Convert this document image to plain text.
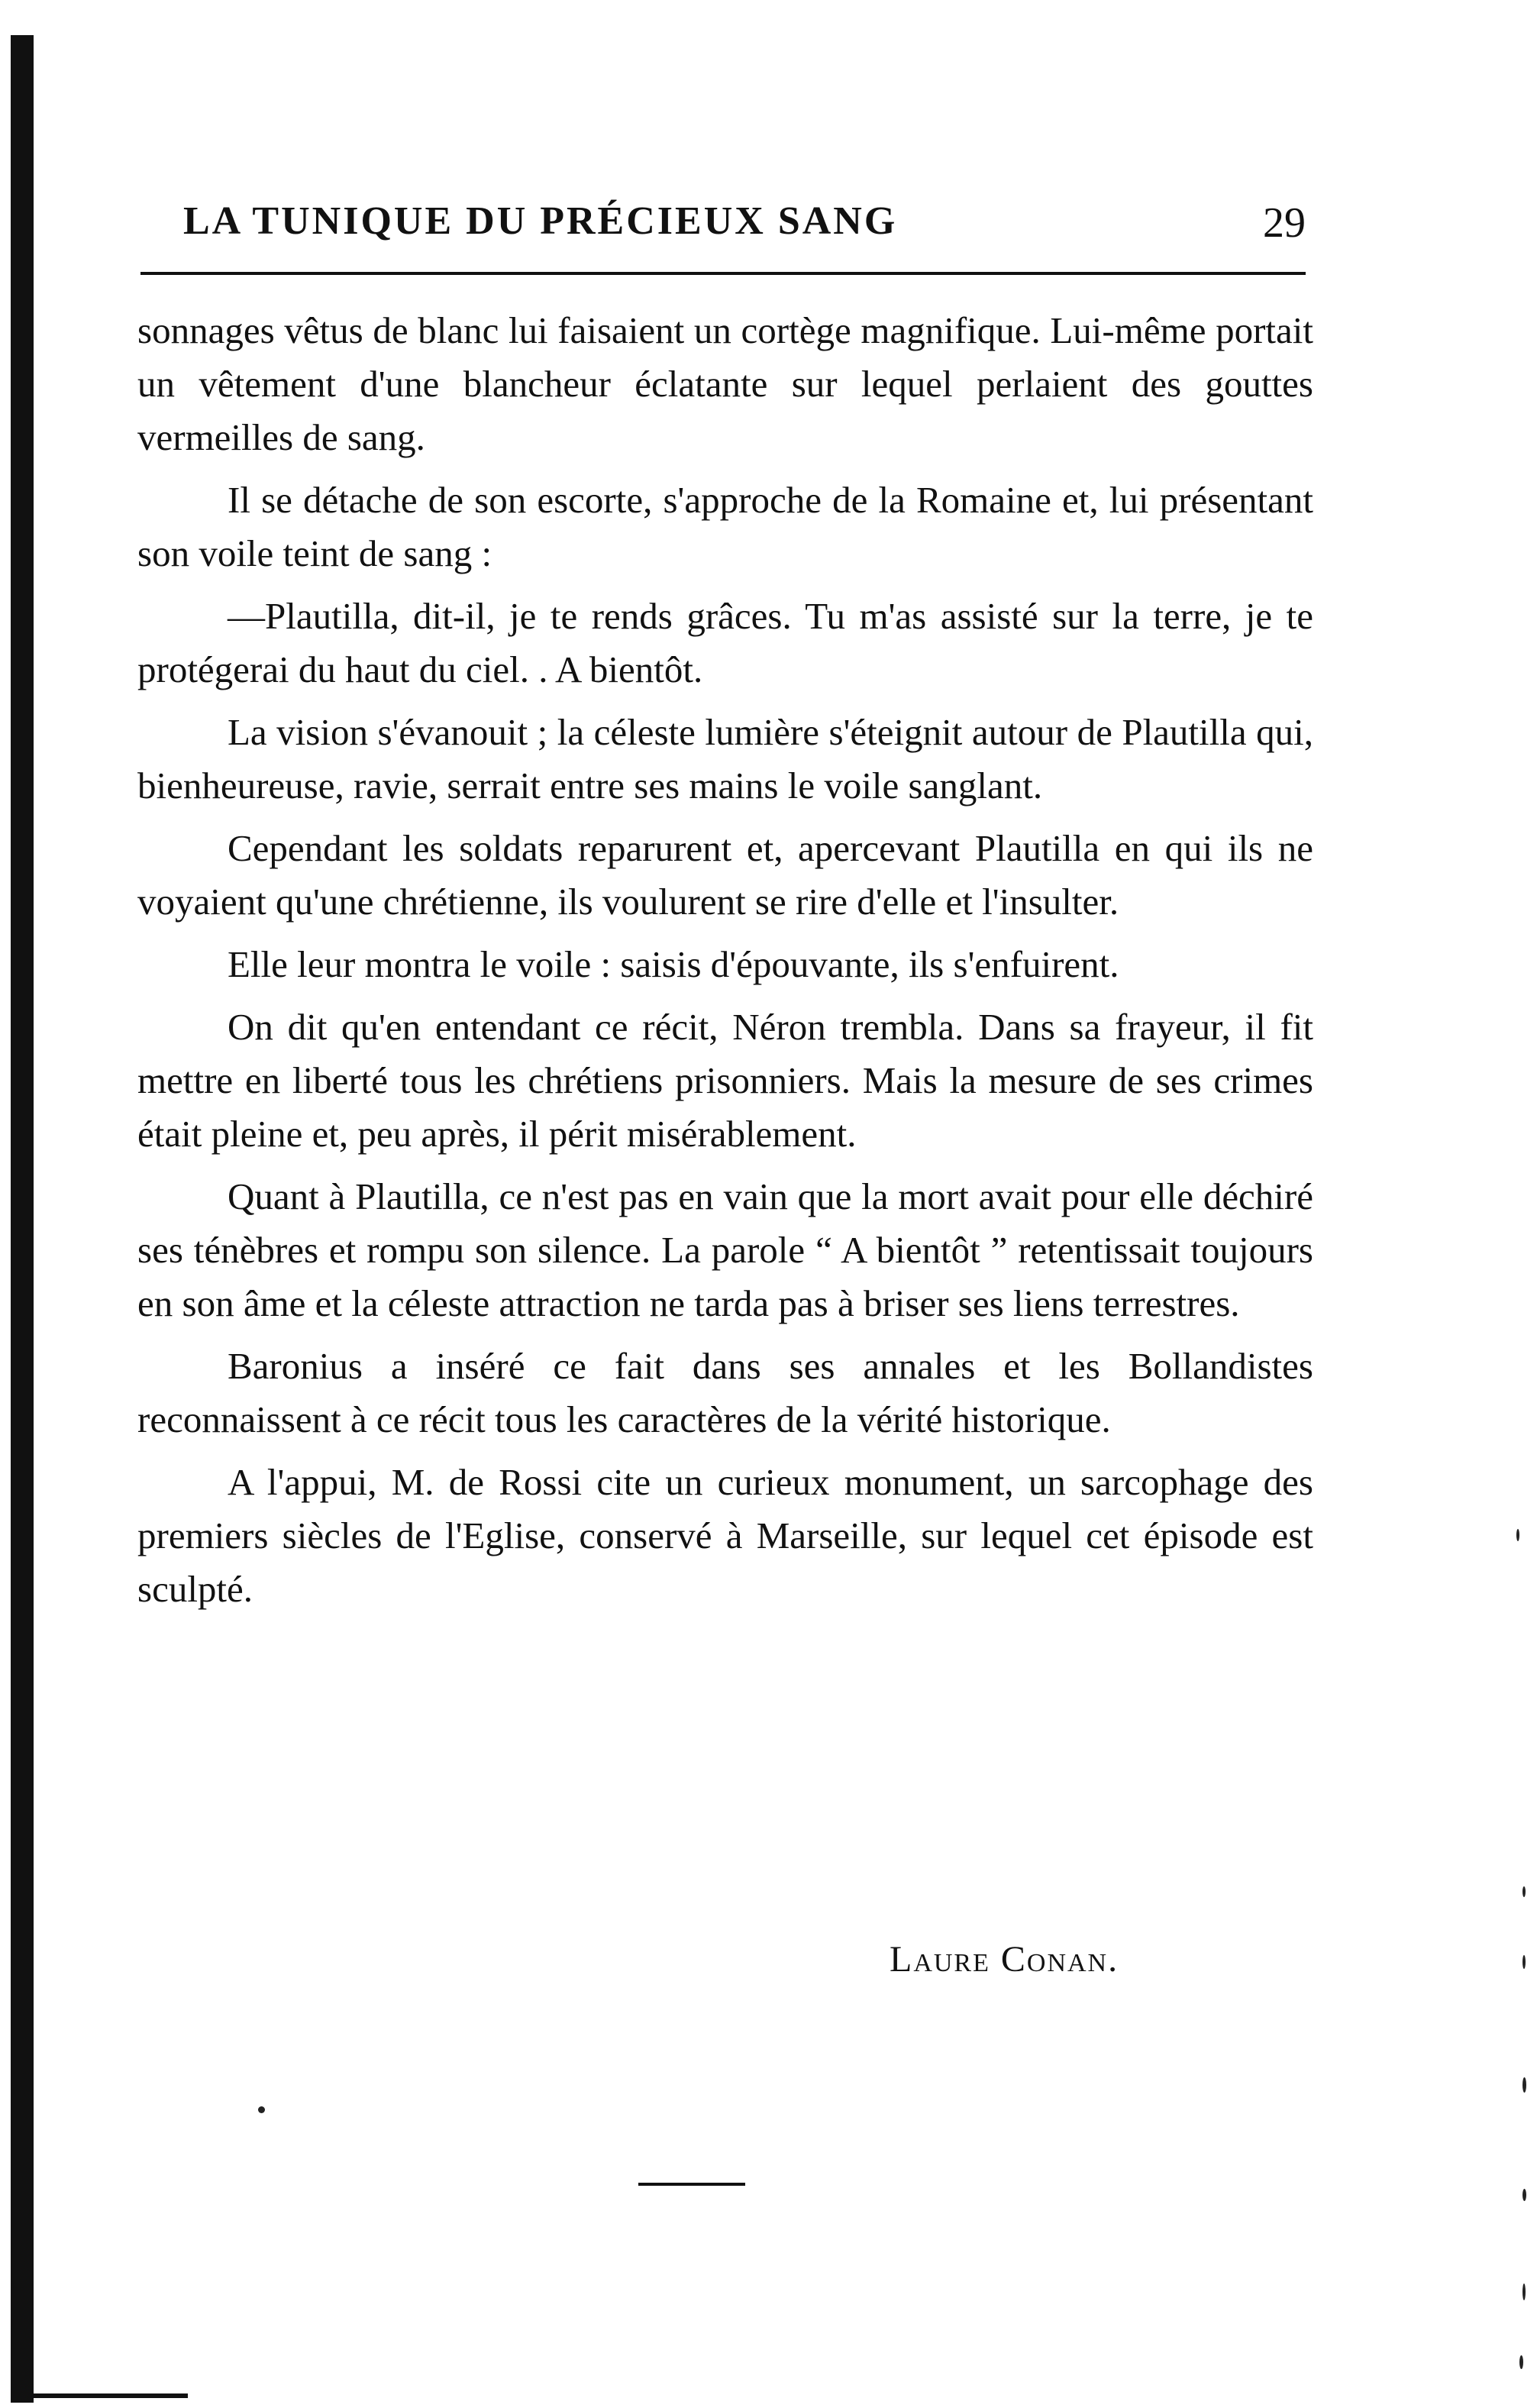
LA TUNIQUE DU PRÉCIEUX SANG	29

sonnages vêtus de blanc lui faisaient un cortège magnifique. Lui-même portait un vêtement d'une blancheur éclatante sur lequel perlaient des gouttes vermeilles de sang.

Il se détache de son escorte, s'approche de la Romaine et, lui présentant son voile teint de sang :

—Plautilla, dit-il, je te rends grâces. Tu m'as assisté sur la terre, je te protégerai du haut du ciel. . A bientôt.

La vision s'évanouit ; la céleste lumière s'éteignit autour de Plautilla qui, bienheureuse, ravie, serrait entre ses mains le voile sanglant.

Cependant les soldats reparurent et, apercevant Plautilla en qui ils ne voyaient qu'une chrétienne, ils voulurent se rire d'elle et l'insulter.

Elle leur montra le voile : saisis d'épouvante, ils s'enfuirent.

On dit qu'en entendant ce récit, Néron trembla. Dans sa frayeur, il fit mettre en liberté tous les chrétiens prisonniers. Mais la mesure de ses crimes était pleine et, peu après, il périt misérablement.

Quant à Plautilla, ce n'est pas en vain que la mort avait pour elle déchiré ses ténèbres et rompu son silence. La parole “ A bientôt ” retentissait toujours en son âme et la céleste attraction ne tarda pas à briser ses liens terrestres.

Baronius a inséré ce fait dans ses annales et les Bollandistes reconnaissent à ce récit tous les caractères de la vérité historique.

A l'appui, M. de Rossi cite un curieux monument, un sarcophage des premiers siècles de l'Eglise, conservé à Marseille, sur lequel cet épisode est sculpté.

Laure Conan.
